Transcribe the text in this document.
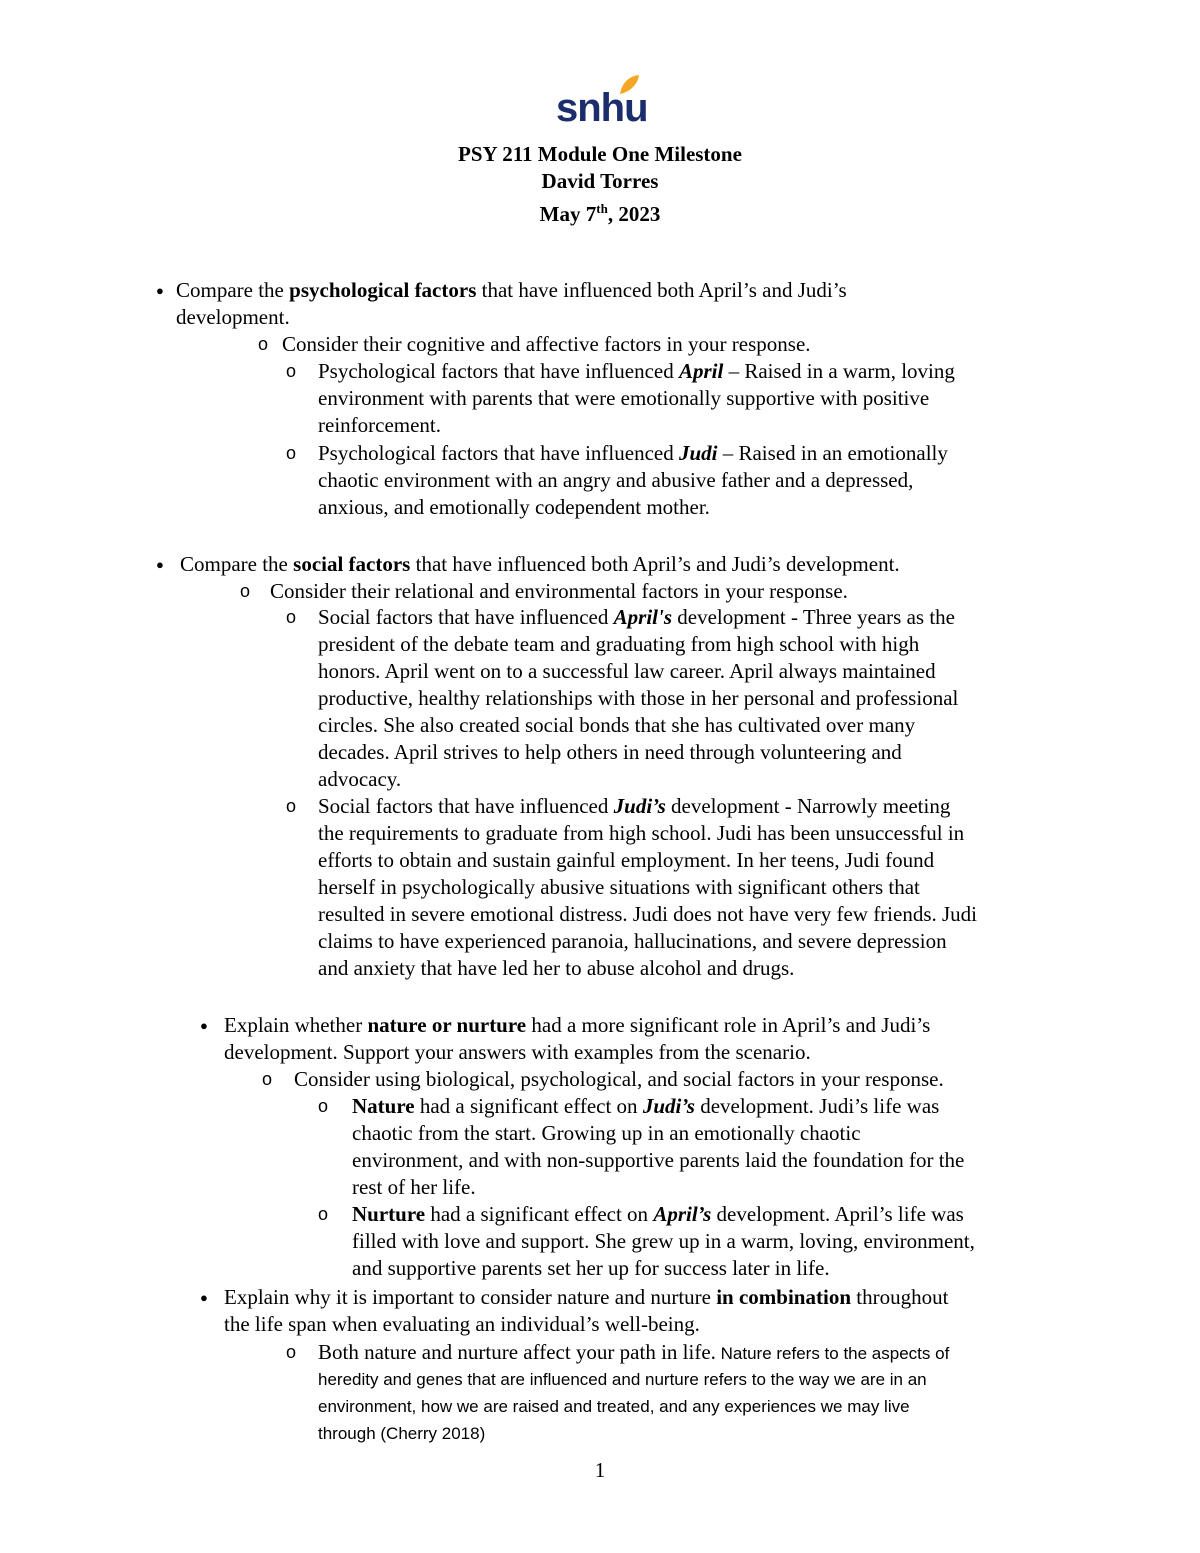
snhu
PSY 211 Module One Milestone
David Torres
May 7th, 2023
● Compare the psychological factors that have influenced both April’s and Judi’s
development.
o Consider their cognitive and affective factors in your response.
o Psychological factors that have influenced April – Raised in a warm, loving
environment with parents that were emotionally supportive with positive
reinforcement.
o Psychological factors that have influenced Judi – Raised in an emotionally
chaotic environment with an angry and abusive father and a depressed,
anxious, and emotionally codependent mother.
● Compare the social factors that have influenced both April’s and Judi’s development.
o Consider their relational and environmental factors in your response.
o Social factors that have influenced April's development - Three years as the
president of the debate team and graduating from high school with high
honors. April went on to a successful law career. April always maintained
productive, healthy relationships with those in her personal and professional
circles. She also created social bonds that she has cultivated over many
decades. April strives to help others in need through volunteering and
advocacy.
o Social factors that have influenced Judi’s development - Narrowly meeting
the requirements to graduate from high school. Judi has been unsuccessful in
efforts to obtain and sustain gainful employment. In her teens, Judi found
herself in psychologically abusive situations with significant others that
resulted in severe emotional distress. Judi does not have very few friends. Judi
claims to have experienced paranoia, hallucinations, and severe depression
and anxiety that have led her to abuse alcohol and drugs.
● Explain whether nature or nurture had a more significant role in April’s and Judi’s
development. Support your answers with examples from the scenario.
o Consider using biological, psychological, and social factors in your response.
o Nature had a significant effect on Judi’s development. Judi’s life was
chaotic from the start. Growing up in an emotionally chaotic
environment, and with non-supportive parents laid the foundation for the
rest of her life.
o Nurture had a significant effect on April’s development. April’s life was
filled with love and support. She grew up in a warm, loving, environment,
and supportive parents set her up for success later in life.
● Explain why it is important to consider nature and nurture in combination throughout
the life span when evaluating an individual’s well-being.
o Both nature and nurture affect your path in life. Nature refers to the aspects of
heredity and genes that are influenced and nurture refers to the way we are in an
environment, how we are raised and treated, and any experiences we may live
through (Cherry 2018)
1
